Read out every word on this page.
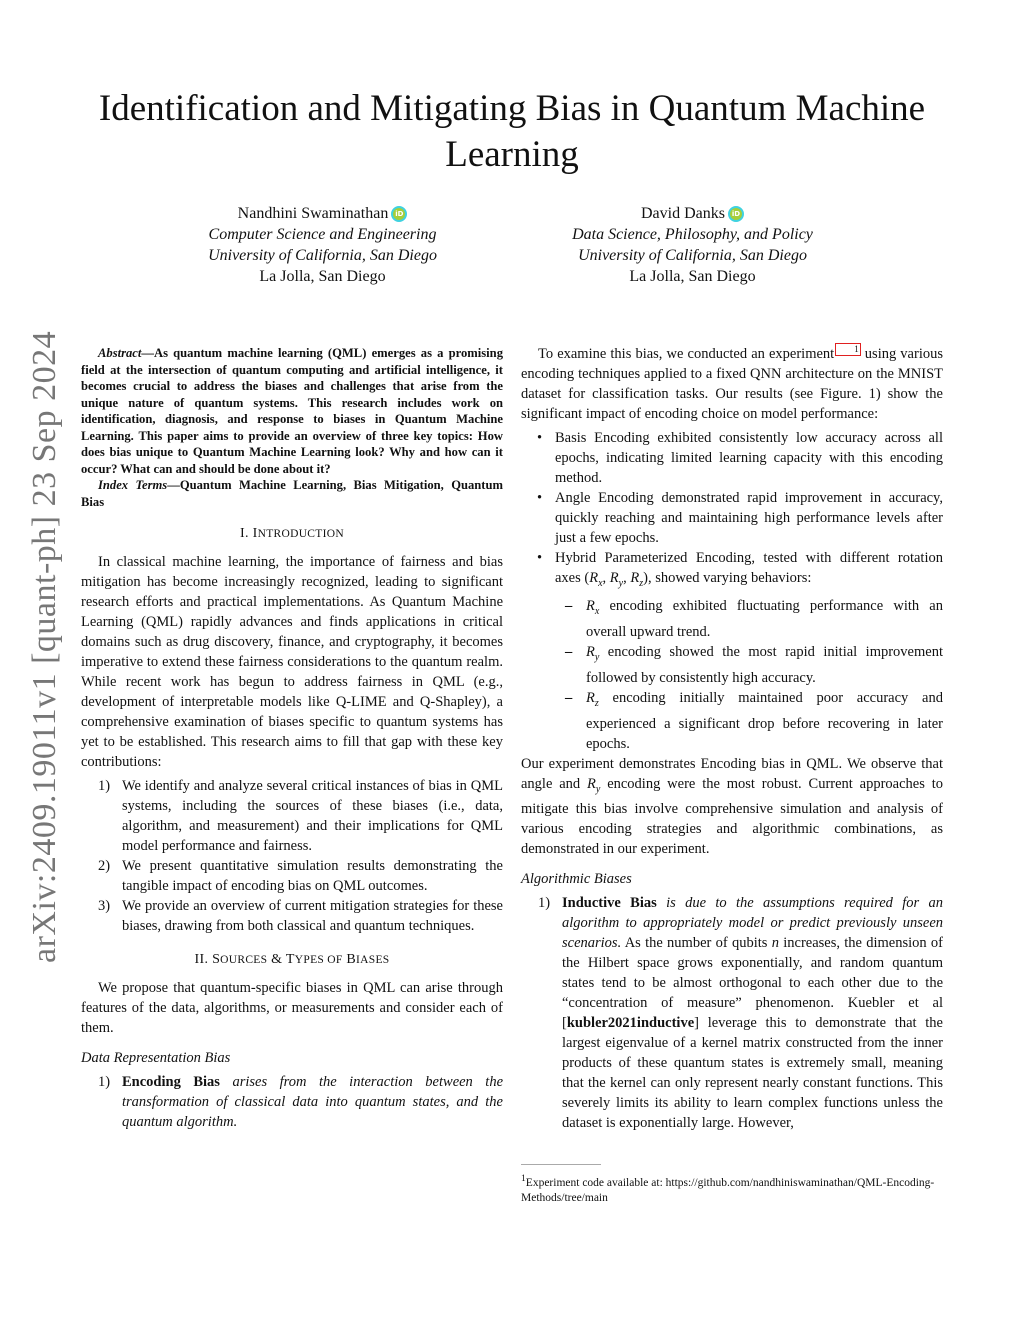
Identification and Mitigating Bias in Quantum Machine Learning
Nandhini Swaminathan iD
Computer Science and Engineering
University of California, San Diego
La Jolla, San Diego
David Danks iD
Data Science, Philosophy, and Policy
University of California, San Diego
La Jolla, San Diego
arXiv:2409.19011v1 [quant-ph] 23 Sep 2024	Abstract—As quantum machine learning (QML) emerges as a promising field at the intersection of quantum computing and artificial intelligence, it becomes crucial to address the biases and challenges that arise from the unique nature of quantum systems. This research includes work on identification, diagnosis, and response to biases in Quantum Machine Learning. This paper aims to provide an overview of three key topics: How does bias unique to Quantum Machine Learning look? Why and how can it occur? What can and should be done about it?

Index Terms—Quantum Machine Learning, Bias Mitigation, Quantum Bias

I. INTRODUCTION

In classical machine learning, the importance of fairness and bias mitigation has become increasingly recognized, leading to significant research efforts and practical implementations. As Quantum Machine Learning (QML) rapidly advances and finds applications in critical domains such as drug discovery, finance, and cryptography, it becomes imperative to extend these fairness considerations to the quantum realm. While recent work has begun to address fairness in QML (e.g., development of interpretable models like Q-LIME and Q-Shapley), a comprehensive examination of biases specific to quantum systems has yet to be established. This research aims to fill that gap with these key contributions:

1) We identify and analyze several critical instances of bias in QML systems, including the sources of these biases (i.e., data, algorithm, and measurement) and their implications for QML model performance and fairness.
2) We present quantitative simulation results demonstrating the tangible impact of encoding bias on QML outcomes.
3) We provide an overview of current mitigation strategies for these biases, drawing from both classical and quantum techniques.
II. SOURCES & TYPES OF BIASES

We propose that quantum-specific biases in QML can arise through features of the data, algorithms, or measurements and consider each of them.

Data Representation Bias
1) Encoding Bias arises from the interaction between the transformation of classical data into quantum states, and the quantum algorithm.

To examine this bias, we conducted an experiment 1 using various encoding techniques applied to a fixed QNN architecture on the MNIST dataset for classification tasks. Our results (see Figure. 1) show the significant impact of encoding choice on model performance:

• Basis Encoding exhibited consistently low accuracy across all epochs, indicating limited learning capacity with this encoding method.
• Angle Encoding demonstrated rapid improvement in accuracy, quickly reaching and maintaining high performance levels after just a few epochs.
• Hybrid Parameterized Encoding, tested with different rotation axes ($R_x$, $R_y$, $R_z$), showed varying behaviors:
– $R_x$ encoding exhibited fluctuating performance with an overall upward trend.
– $R_y$ encoding showed the most rapid initial improvement followed by consistently high accuracy.
– $R_z$ encoding initially maintained poor accuracy and experienced a significant drop before recovering in later epochs.

Our experiment demonstrates Encoding bias in QML. We observe that angle and $R_y$ encoding were the most robust. Current approaches to mitigate this bias involve comprehensive simulation and analysis of various encoding strategies and algorithmic combinations, as demonstrated in our experiment.

Algorithmic Biases
1) Inductive Bias is due to the assumptions required for an algorithm to appropriately model or predict previously unseen scenarios. As the number of qubits n increases, the dimension of the Hilbert space grows exponentially, and random quantum states tend to be almost orthogonal to each other due to the “concentration of measure” phenomenon. Kuebler et al [kubler2021inductive] leverage this to demonstrate that the largest eigenvalue of a kernel matrix constructed from the inner products of these quantum states is extremely small, meaning that the kernel can only represent nearly constant functions. This severely limits its ability to learn complex functions unless the dataset is exponentially large. However,
$^1$Experiment code available at: https://github.com/nandhiniswaminathan/QML-Encoding-Methods/tree/main
